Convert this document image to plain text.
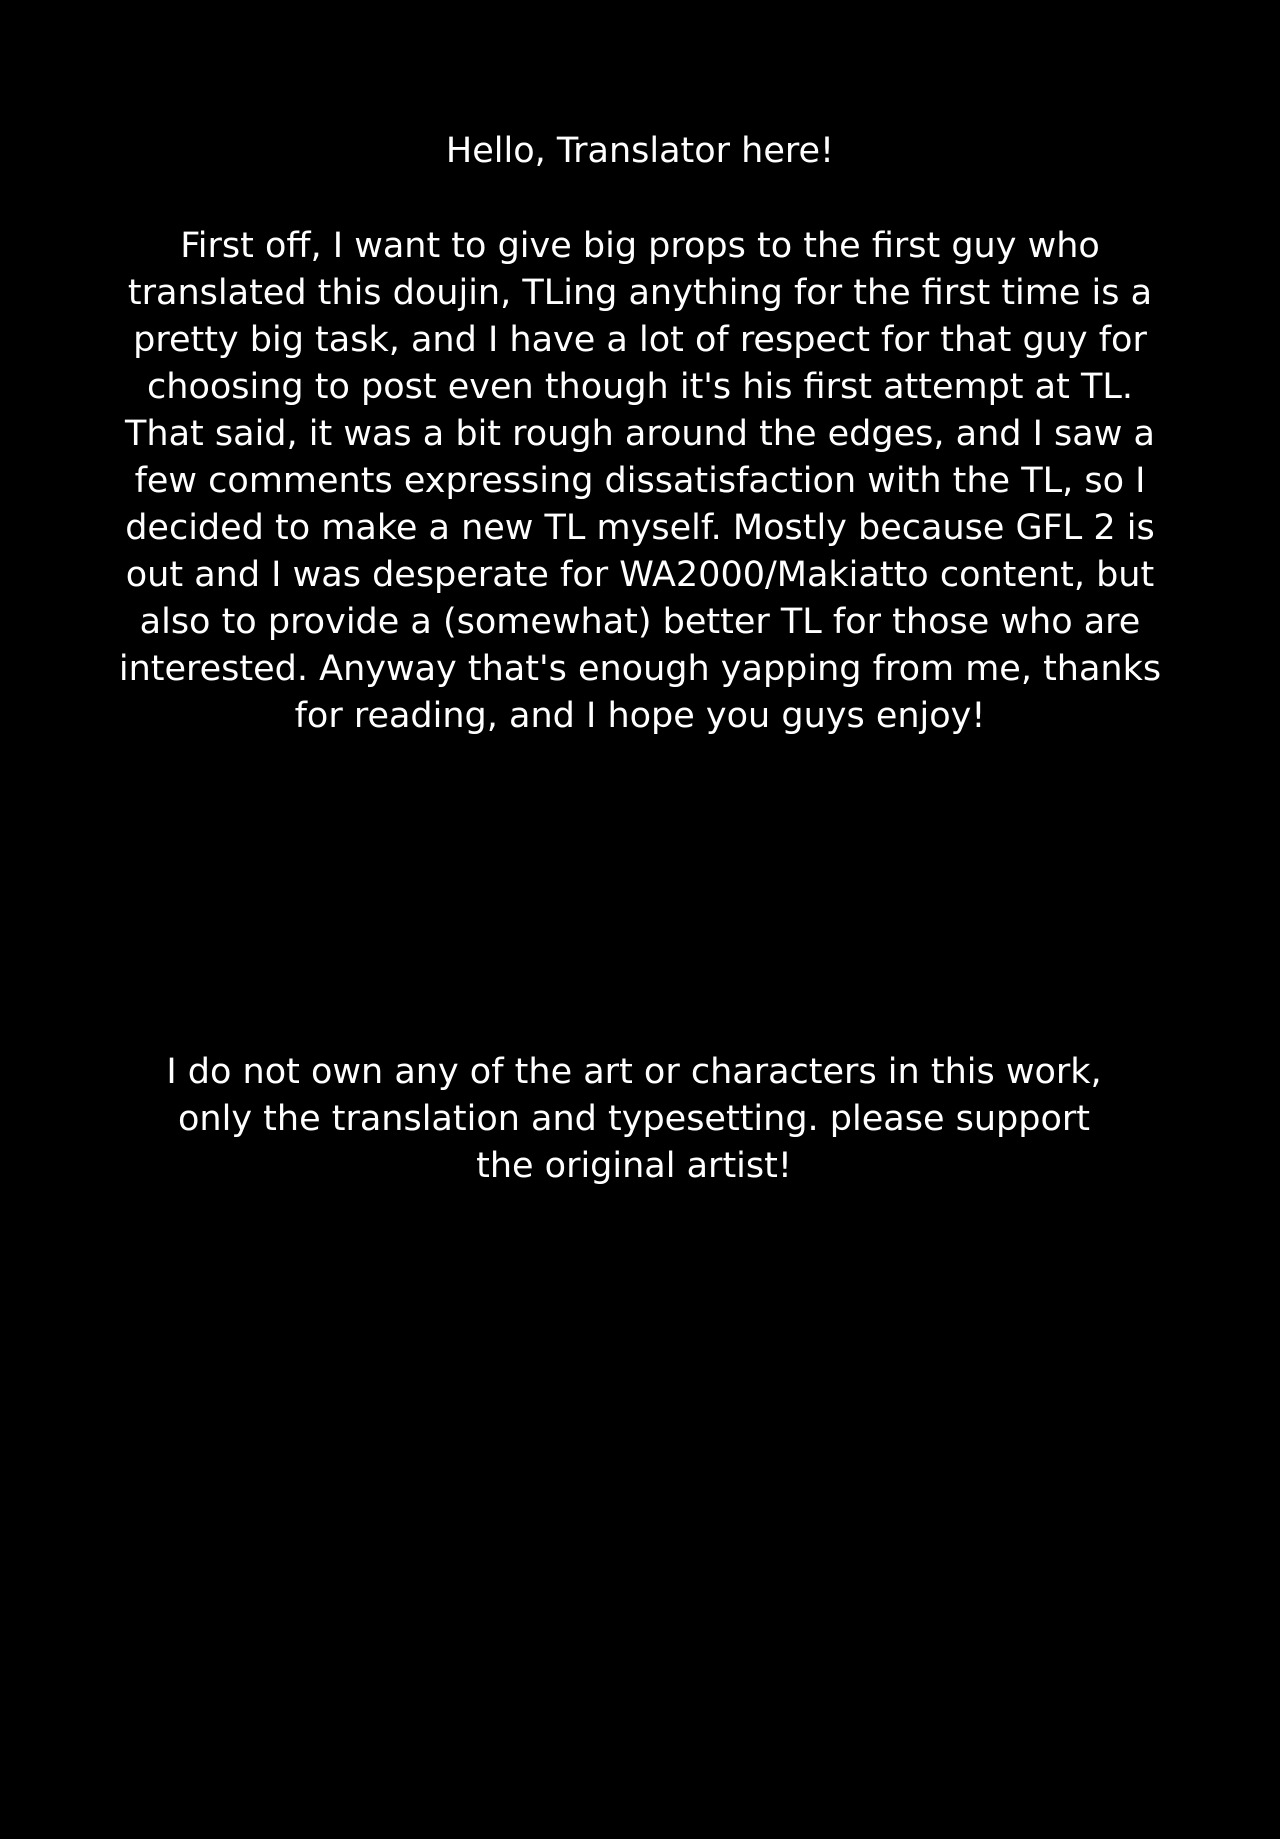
Hello, Translator here!
First off, I want to give big props to the first guy who
translated this doujin, TLing anything for the first time is a
pretty big task, and I have a lot of respect for that guy for
choosing to post even though it's his first attempt at TL.
That said, it was a bit rough around the edges, and I saw a
few comments expressing dissatisfaction with the TL, so I
decided to make a new TL myself. Mostly because GFL 2 is
out and I was desperate for WA2000/Makiatto content, but
also to provide a (somewhat) better TL for those who are
interested. Anyway that's enough yapping from me, thanks
for reading, and I hope you guys enjoy!
I do not own any of the art or characters in this work,
only the translation and typesetting. please support
the original artist!
